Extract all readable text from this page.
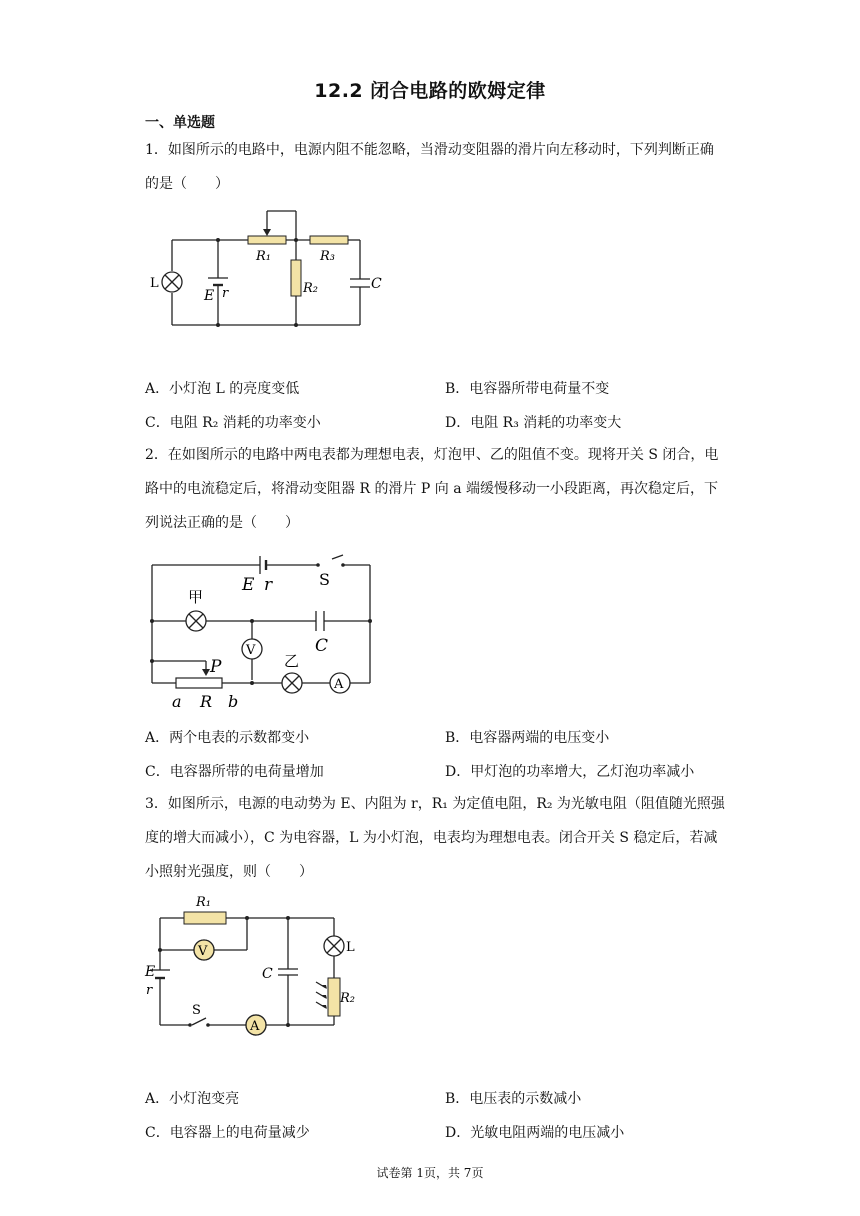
12.2 闭合电路的欧姆定律
一、单选题
1．如图所示的电路中，电源内阻不能忽略，当滑动变阻器的滑片向左移动时，下列判断正确的是（　　）
L
E r
R₁	R₃
R₂	C
A．小灯泡 L 的亮度变低	B．电容器所带电荷量不变
C．电阻 R₂ 消耗的功率变小	D．电阻 R₃ 消耗的功率变大
2．在如图所示的电路中两电表都为理想电表，灯泡甲、乙的阻值不变。现将开关 S 闭合，电路中的电流稳定后，将滑动变阻器 R 的滑片 P 向 a 端缓慢移动一小段距离，再次稳定后，下列说法正确的是（　　）
E r	S
甲
V	C
乙
A
P
a R b
A．两个电表的示数都变小	B．电容器两端的电压变小
C．电容器所带的电荷量增加	D．甲灯泡的功率增大，乙灯泡功率减小
3．如图所示，电源的电动势为 E、内阻为 r，R₁ 为定值电阻，R₂ 为光敏电阻（阻值随光照强度的增大而减小），C 为电容器，L 为小灯泡，电表均为理想电表。闭合开关 S 稳定后，若减小照射光强度，则（　　）
R₁
V
E
r
S
A
C
L
R₂
A．小灯泡变亮	B．电压表的示数减小
C．电容器上的电荷量减少	D．光敏电阻两端的电压减小
试卷第 1页，共 7页
